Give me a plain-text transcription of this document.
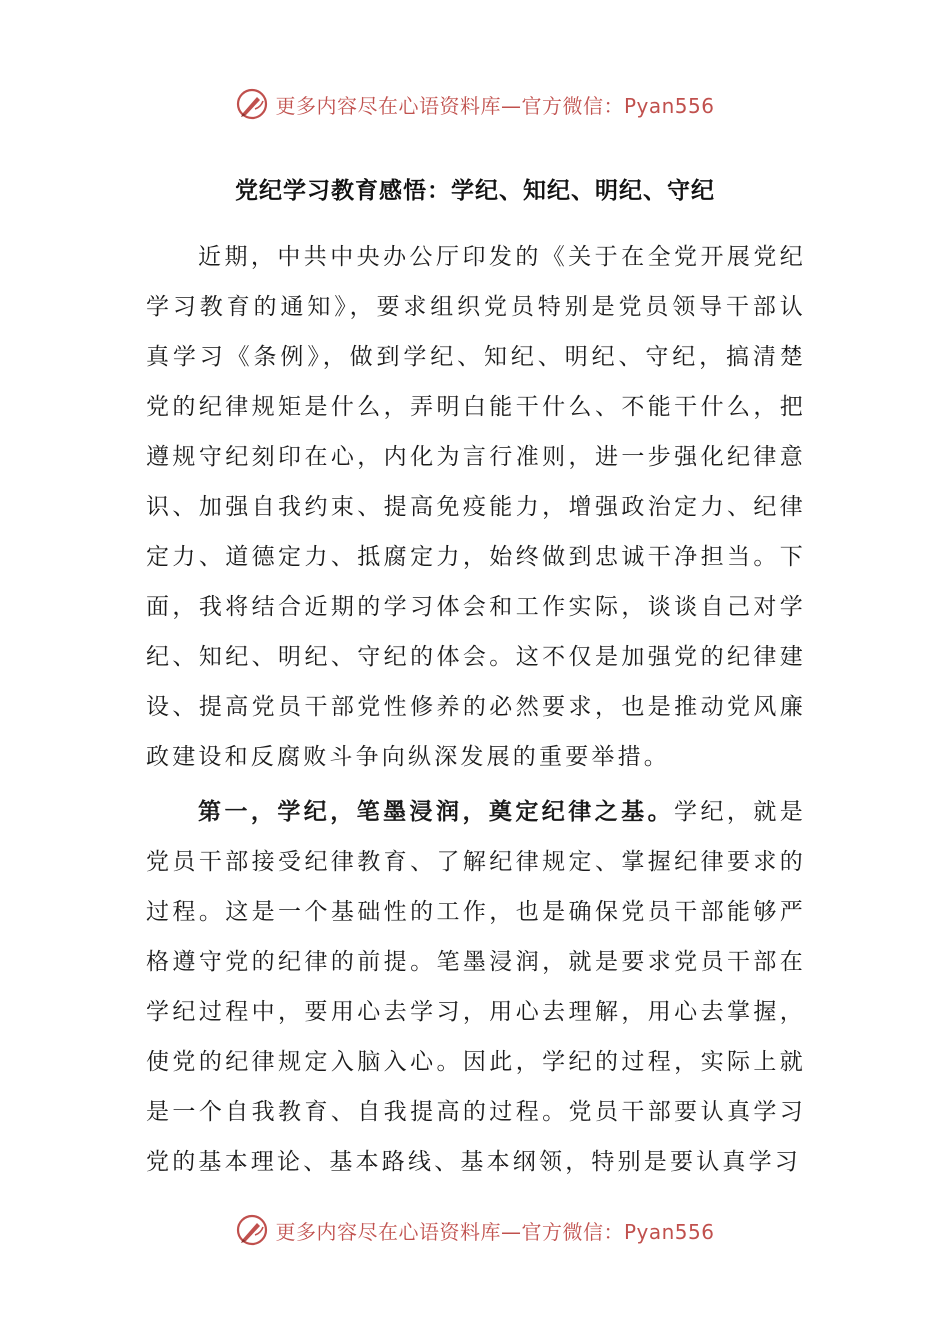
更多内容尽在心语资料库—官方微信：Pyan556
党纪学习教育感悟：学纪、知纪、明纪、守纪

近期，中共中央办公厅印发的《关于在全党开展党纪学习教育的通知》，要求组织党员特别是党员领导干部认真学习《条例》，做到学纪、知纪、明纪、守纪，搞清楚党的纪律规矩是什么，弄明白能干什么、不能干什么，把遵规守纪刻印在心，内化为言行准则，进一步强化纪律意识、加强自我约束、提高免疫能力，增强政治定力、纪律定力、道德定力、抵腐定力，始终做到忠诚干净担当。下面，我将结合近期的学习体会和工作实际，谈谈自己对学纪、知纪、明纪、守纪的体会。这不仅是加强党的纪律建设、提高党员干部党性修养的必然要求，也是推动党风廉政建设和反腐败斗争向纵深发展的重要举措。

第一，学纪，笔墨浸润，奠定纪律之基。学纪，就是党员干部接受纪律教育、了解纪律规定、掌握纪律要求的过程。这是一个基础性的工作，也是确保党员干部能够严格遵守党的纪律的前提。笔墨浸润，就是要求党员干部在学纪过程中，要用心去学习，用心去理解，用心去掌握，使党的纪律规定入脑入心。因此，学纪的过程，实际上就是一个自我教育、自我提高的过程。党员干部要认真学习党的基本理论、基本路线、基本纲领，特别是要认真学习

更多内容尽在心语资料库—官方微信：Pyan556
